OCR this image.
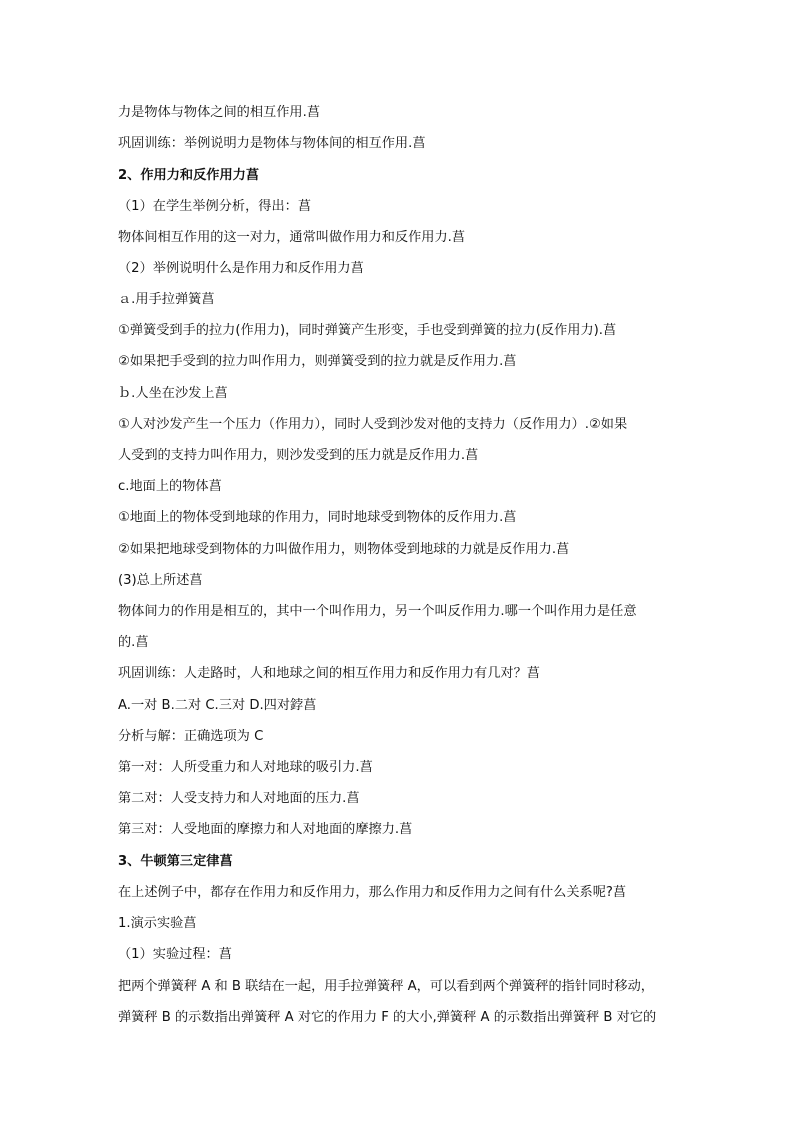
力是物体与物体之间的相互作用.菖
巩固训练：举例说明力是物体与物体间的相互作用.菖
2、作用力和反作用力菖
（1）在学生举例分析，得出：菖
物体间相互作用的这一对力，通常叫做作用力和反作用力.菖
（2）举例说明什么是作用力和反作用力菖
ａ.用手拉弹簧菖
①弹簧受到手的拉力(作用力)，同时弹簧产生形变，手也受到弹簧的拉力(反作用力).菖
②如果把手受到的拉力叫作用力，则弹簧受到的拉力就是反作用力.菖
ｂ.人坐在沙发上菖
①人对沙发产生一个压力（作用力），同时人受到沙发对他的支持力（反作用力）.②如果
人受到的支持力叫作用力，则沙发受到的压力就是反作用力.菖
c.地面上的物体菖
①地面上的物体受到地球的作用力，同时地球受到物体的反作用力.菖
②如果把地球受到物体的力叫做作用力，则物体受到地球的力就是反作用力.菖
(3)总上所述菖
物体间力的作用是相互的，其中一个叫作用力，另一个叫反作用力.哪一个叫作用力是任意
的.菖
巩固训练：人走路时，人和地球之间的相互作用力和反作用力有几对？菖
A.一对 B.二对 C.三对 D.四对鋍菖
分析与解：正确选项为 C
第一对：人所受重力和人对地球的吸引力.菖
第二对：人受支持力和人对地面的压力.菖
第三对：人受地面的摩擦力和人对地面的摩擦力.菖
3、牛顿第三定律菖
在上述例子中，都存在作用力和反作用力，那么作用力和反作用力之间有什么关系呢?菖
1.演示实验菖
（1）实验过程：菖
把两个弹簧秤 A 和 B 联结在一起，用手拉弹簧秤 A，可以看到两个弹簧秤的指针同时移动，
弹簧秤 B 的示数指出弹簧秤 A 对它的作用力 F 的大小,弹簧秤 A 的示数指出弹簧秤 B 对它的
